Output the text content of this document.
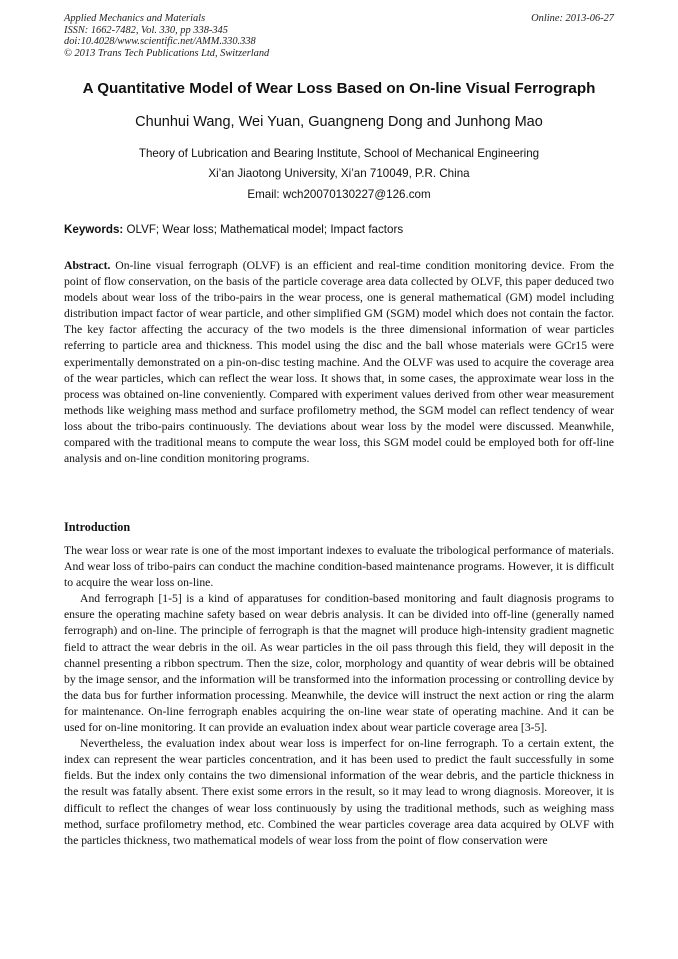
Applied Mechanics and Materials
ISSN: 1662-7482, Vol. 330, pp 338-345
doi:10.4028/www.scientific.net/AMM.330.338
© 2013 Trans Tech Publications Ltd, Switzerland
Online: 2013-06-27
A Quantitative Model of Wear Loss Based on On-line Visual Ferrograph
Chunhui Wang, Wei Yuan, Guangneng Dong and Junhong Mao
Theory of Lubrication and Bearing Institute, School of Mechanical Engineering
Xi’an Jiaotong University, Xi’an 710049, P.R. China
Email: wch20070130227@126.com
Keywords: OLVF; Wear loss; Mathematical model; Impact factors

Abstract. On-line visual ferrograph (OLVF) is an efficient and real-time condition monitoring device. From the point of flow conservation, on the basis of the particle coverage area data collected by OLVF, this paper deduced two models about wear loss of the tribo-pairs in the wear process, one is general mathematical (GM) model including distribution impact factor of wear particle, and other simplified GM (SGM) model which does not contain the factor. The key factor affecting the accuracy of the two models is the three dimensional information of wear particles referring to particle area and thickness. This model using the disc and the ball whose materials were GCr15 were experimentally demonstrated on a pin-on-disc testing machine. And the OLVF was used to acquire the coverage area of the wear particles, which can reflect the wear loss. It shows that, in some cases, the approximate wear loss in the process was obtained on-line conveniently. Compared with experiment values derived from other wear measurement methods like weighing mass method and surface profilometry method, the SGM model can reflect tendency of wear loss about the tribo-pairs continuously. The deviations about wear loss by the model were discussed. Meanwhile, compared with the traditional means to compute the wear loss, this SGM model could be employed both for off-line analysis and on-line condition monitoring programs.

Introduction

The wear loss or wear rate is one of the most important indexes to evaluate the tribological performance of materials. And wear loss of tribo-pairs can conduct the machine condition-based maintenance programs. However, it is difficult to acquire the wear loss on-line.

And ferrograph [1-5] is a kind of apparatuses for condition-based monitoring and fault diagnosis programs to ensure the operating machine safety based on wear debris analysis. It can be divided into off-line (generally named ferrograph) and on-line. The principle of ferrograph is that the magnet will produce high-intensity gradient magnetic field to attract the wear debris in the oil. As wear particles in the oil pass through this field, they will deposit in the channel presenting a ribbon spectrum. Then the size, color, morphology and quantity of wear debris will be obtained by the image sensor, and the information will be transformed into the information processing or controlling device by the data bus for further information processing. Meanwhile, the device will instruct the next action or ring the alarm for maintenance. On-line ferrograph enables acquiring the on-line wear state of operating machine. And it can be used for on-line monitoring. It can provide an evaluation index about wear particle coverage area [3-5].

Nevertheless, the evaluation index about wear loss is imperfect for on-line ferrograph. To a certain extent, the index can represent the wear particles concentration, and it has been used to predict the fault successfully in some fields. But the index only contains the two dimensional information of the wear debris, and the particle thickness in the result was fatally absent. There exist some errors in the result, so it may lead to wrong diagnosis. Moreover, it is difficult to reflect the changes of wear loss continuously by using the traditional methods, such as weighing mass method, surface profilometry method, etc. Combined the wear particles coverage area data acquired by OLVF with the particles thickness, two mathematical models of wear loss from the point of flow conservation were
